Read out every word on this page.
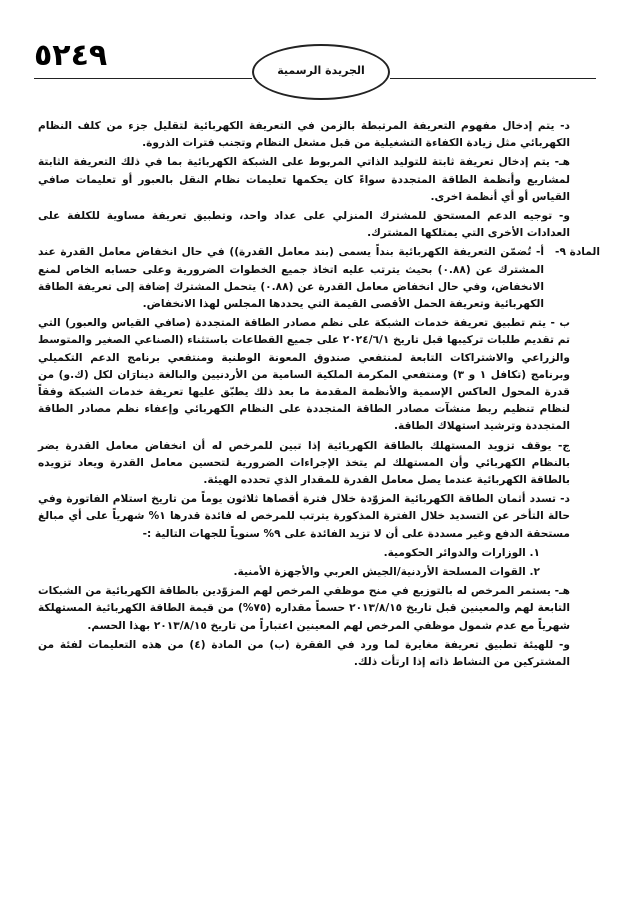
٥٢٤٩	الجريدة الرسمية

د- يتم إدخال مفهوم التعريفة المرتبطة بالزمن في التعريفة الكهربائية لتقليل جزء من كلف النظام الكهربائي مثل زيادة الكفاءة التشغيلية من قبل مشغل النظام وتجنب فترات الذروة.

هـ- يتم إدخال تعريفة ثابتة للتوليد الذاتي المربوط على الشبكة الكهربائية بما في ذلك التعريفة الثابتة لمشاريع وأنظمة الطاقة المتجددة سواءً كان يحكمها تعليمات نظام النقل بالعبور أو تعليمات صافي القياس أو أي أنظمة اخرى.

و- توجيه الدعم المستحق للمشترك المنزلي على عداد واحد، وتطبيق تعريفة مساوية للكلفة على العدادات الأخرى التي يمتلكها المشترك.

المادة ٩-

أ- تُضمّن التعريفة الكهربائية بنداً يسمى (بند معامل القدرة)) في حال انخفاض معامل القدرة عند المشترك عن (٠.٨٨) بحيث يترتب عليه اتخاذ جميع الخطوات الضرورية وعلى حسابه الخاص لمنع الانخفاض، وفي حال انخفاض معامل القدرة عن (٠.٨٨) يتحمل المشترك إضافة إلى تعريفة الطاقة الكهربائية وتعريفة الحمل الأقصى القيمة التي يحددها المجلس لهذا الانخفاض.

ب - يتم تطبيق تعريفة خدمات الشبكة على نظم مصادر الطاقة المتجددة (صافي القياس والعبور) التي تم تقديم طلبات تركيبها قبل تاريخ ٢٠٢٤/٦/١ على جميع القطاعات باستثناء (الصناعي الصغير والمتوسط والزراعي والاشتراكات التابعة لمنتفعي صندوق المعونة الوطنية ومنتفعي برنامج الدعم التكميلي وبرنامج (تكافل ١ و ٣) ومنتفعي المكرمة الملكية السامية من الأردنيين والبالغة دينارَان لكل (ك.و) من قدرة المحول العاكس الإسمية والأنظمة المقدمة ما بعد ذلك يطبّق عليها تعريفة خدمات الشبكة وفقاً لنظام تنظيم ربط منشآت مصادر الطاقة المتجددة على النظام الكهربائي وإعفاء نظم مصادر الطاقة المتجددة وترشيد استهلاك الطاقة.

ج- يوقف تزويد المستهلك بالطاقة الكهربائية إذا تبين للمرخص له أن انخفاض معامل القدرة يضر بالنظام الكهربائي وأن المستهلك لم يتخذ الإجراءات الضرورية لتحسين معامل القدرة ويعاد تزويده بالطاقة الكهربائية عندما يصل معامل القدرة للمقدار الذي تحدده الهيئة.

د- تسدد أثمان الطاقة الكهربائية المزوّدة خلال فترة أقصاها ثلاثون يوماً من تاريخ استلام الفاتورة وفي حالة التأخر عن التسديد خلال الفترة المذكورة يترتب للمرخص له فائدة قدرها ١% شهرياً على أي مبالغ مستحقة الدفع وغير مسددة على أن لا تزيد الفائدة على ٩% سنوياً للجهات التالية :-

١. الوزارات والدوائر الحكومية.

٢. القوات المسلحة الأردنية/الجيش العربي والأجهزة الأمنية.

هـ- يستمر المرخص له بالتوزيع في منح موظفي المرخص لهم المزوّدين بالطاقة الكهربائية من الشبكات التابعة لهم والمعينين قبل تاريخ ٢٠١٣/٨/١٥ حسماً مقداره (٧٥%) من قيمة الطاقة الكهربائية المستهلكة شهرياً مع عدم شمول موظفي المرخص لهم المعينين اعتباراً من تاريخ ٢٠١٣/٨/١٥ بهذا الحسم.

و- للهيئة تطبيق تعريفة مغايرة لما ورد في الفقرة (ب) من المادة (٤) من هذه التعليمات لفئة من المشتركين من النشاط ذاته إذا ارتأت ذلك.
